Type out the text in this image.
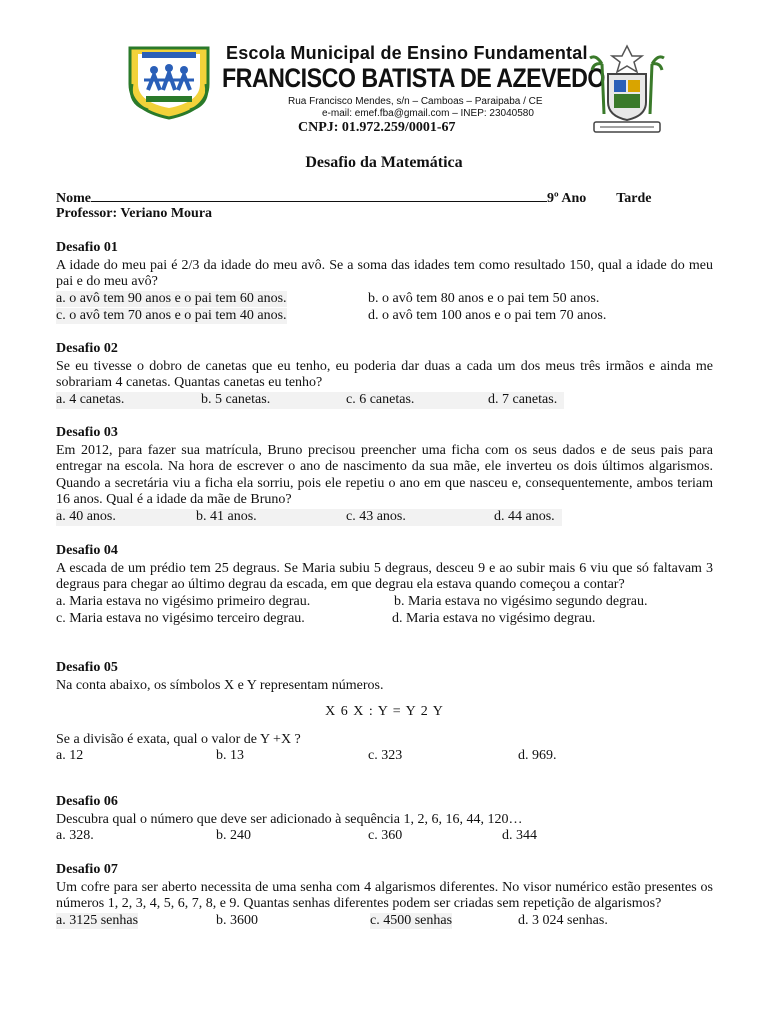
Escola Municipal de Ensino Fundamental
FRANCISCO BATISTA DE AZEVEDO
Rua Francisco Mendes, s/n – Camboas – Paraipaba / CE
e-mail: emef.fba@gmail.com – INEP: 23040580
CNPJ: 01.972.259/0001-67
Desafio da Matemática
Nome	9º Ano Tarde
Professor: Veriano Moura
Desafio 01
A idade do meu pai é 2/3 da idade do meu avô. Se a soma das idades tem como resultado 150, qual a idade do meu pai e do meu avô?
a. o avô tem 90 anos e o pai tem 60 anos.	b. o avô tem 80 anos e o pai tem 50 anos.
c. o avô tem 70 anos e o pai tem 40 anos.	d. o avô tem 100 anos e o pai tem 70 anos.
Desafio 02
Se eu tivesse o dobro de canetas que eu tenho, eu poderia dar duas a cada um dos meus três irmãos e ainda me sobrariam 4 canetas. Quantas canetas eu tenho?
a. 4 canetas.	b. 5 canetas.	c. 6 canetas.	d. 7 canetas.
Desafio 03
Em 2012, para fazer sua matrícula, Bruno precisou preencher uma ficha com os seus dados e de seus pais para entregar na escola. Na hora de escrever o ano de nascimento da sua mãe, ele inverteu os dois últimos algarismos. Quando a secretária viu a ficha ela sorriu, pois ele repetiu o ano em que nasceu e, consequentemente, ambos teriam 16 anos. Qual é a idade da mãe de Bruno?
a. 40 anos.	b. 41 anos.	c. 43 anos.	d. 44 anos.
Desafio 04
A escada de um prédio tem 25 degraus. Se Maria subiu 5 degraus, desceu 9 e ao subir mais 6 viu que só faltavam 3 degraus para chegar ao último degrau da escada, em que degrau ela estava quando começou a contar?
a. Maria estava no vigésimo primeiro degrau.	b. Maria estava no vigésimo segundo degrau.
c. Maria estava no vigésimo terceiro degrau.	d. Maria estava no vigésimo degrau.
Desafio 05
Na conta abaixo, os símbolos X e Y representam números.
X 6 X : Y = Y 2 Y
Se a divisão é exata, qual o valor de Y +X ?
a. 12	b. 13	c. 323	d. 969.
Desafio 06
Descubra qual o número que deve ser adicionado à sequência 1, 2, 6, 16, 44, 120…
a. 328.	b. 240	c. 360	d. 344
Desafio 07
Um cofre para ser aberto necessita de uma senha com 4 algarismos diferentes. No visor numérico estão presentes os números 1, 2, 3, 4, 5, 6, 7, 8, e 9. Quantas senhas diferentes podem ser criadas sem repetição de algarismos?
a. 3125 senhas	b. 3600	c. 4500 senhas	d. 3 024 senhas.
